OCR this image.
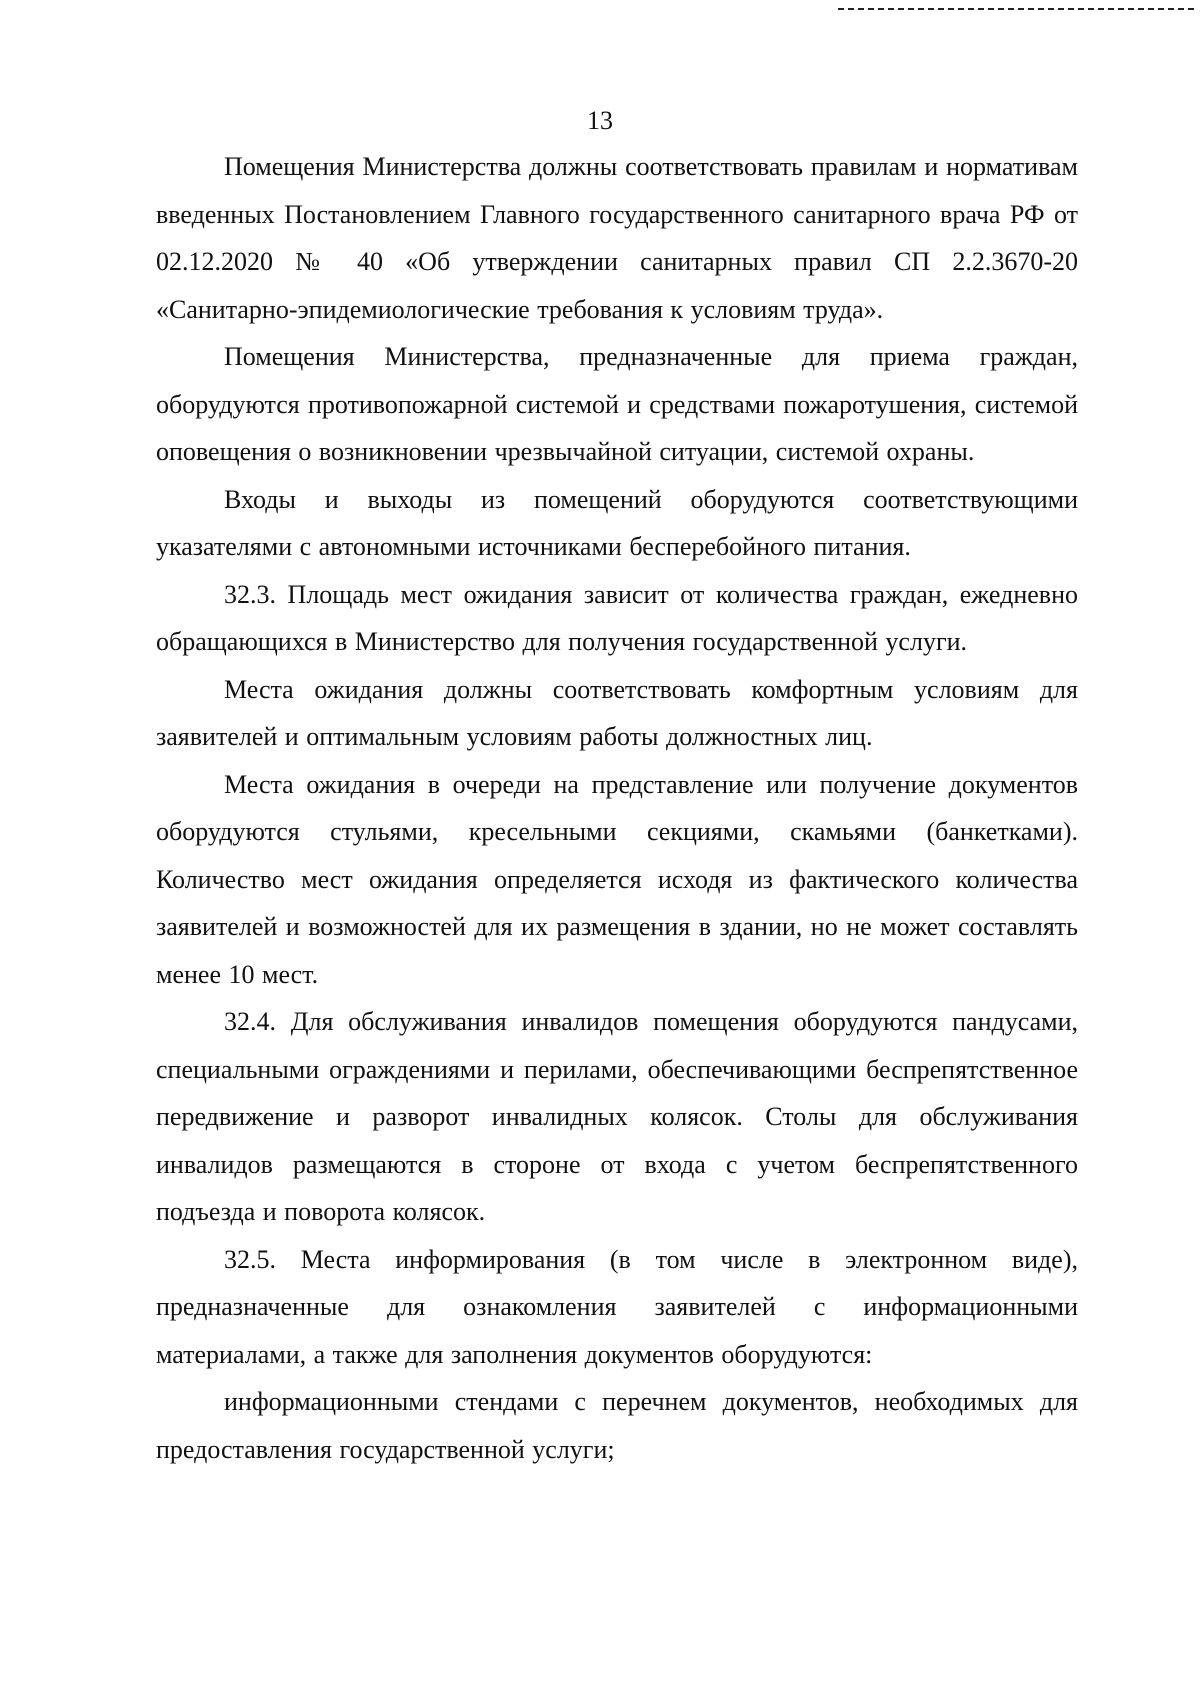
13

Помещения Министерства должны соответствовать правилам и нормативам введенных Постановлением Главного государственного санитарного врача РФ от 02.12.2020 № 40 «Об утверждении санитарных правил СП 2.2.3670-20 «Санитарно-эпидемиологические требования к условиям труда».

Помещения Министерства, предназначенные для приема граждан, оборудуются противопожарной системой и средствами пожаротушения, системой оповещения о возникновении чрезвычайной ситуации, системой охраны.

Входы и выходы из помещений оборудуются соответствующими указателями с автономными источниками бесперебойного питания.

32.3. Площадь мест ожидания зависит от количества граждан, ежедневно обращающихся в Министерство для получения государственной услуги.

Места ожидания должны соответствовать комфортным условиям для заявителей и оптимальным условиям работы должностных лиц.

Места ожидания в очереди на представление или получение документов оборудуются стульями, кресельными секциями, скамьями (банкетками). Количество мест ожидания определяется исходя из фактического количества заявителей и возможностей для их размещения в здании, но не может составлять менее 10 мест.

32.4. Для обслуживания инвалидов помещения оборудуются пандусами, специальными ограждениями и перилами, обеспечивающими беспрепятственное передвижение и разворот инвалидных колясок. Столы для обслуживания инвалидов размещаются в стороне от входа с учетом беспрепятственного подъезда и поворота колясок.

32.5. Места информирования (в том числе в электронном виде), предназначенные для ознакомления заявителей с информационными материалами, а также для заполнения документов оборудуются:

информационными стендами с перечнем документов, необходимых для предоставления государственной услуги;
